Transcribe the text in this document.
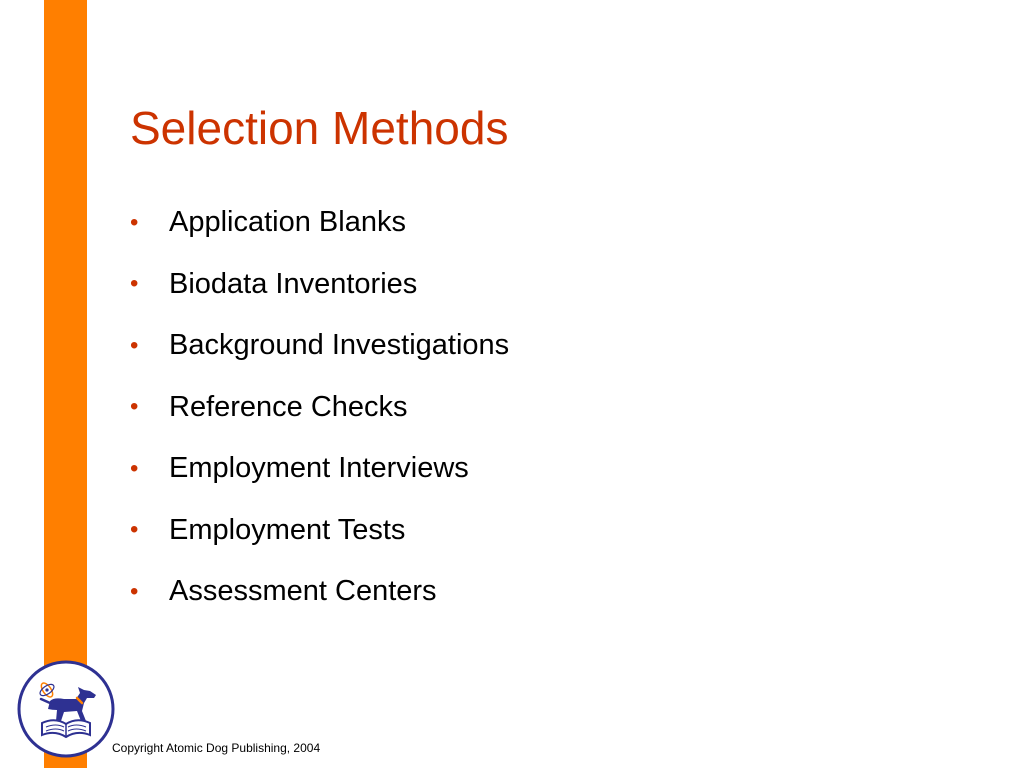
Selection Methods
•	Application Blanks
•	Biodata Inventories
•	Background Investigations
•	Reference Checks
•	Employment Interviews
•	Employment Tests
•	Assessment Centers
Copyright Atomic Dog Publishing, 2004
